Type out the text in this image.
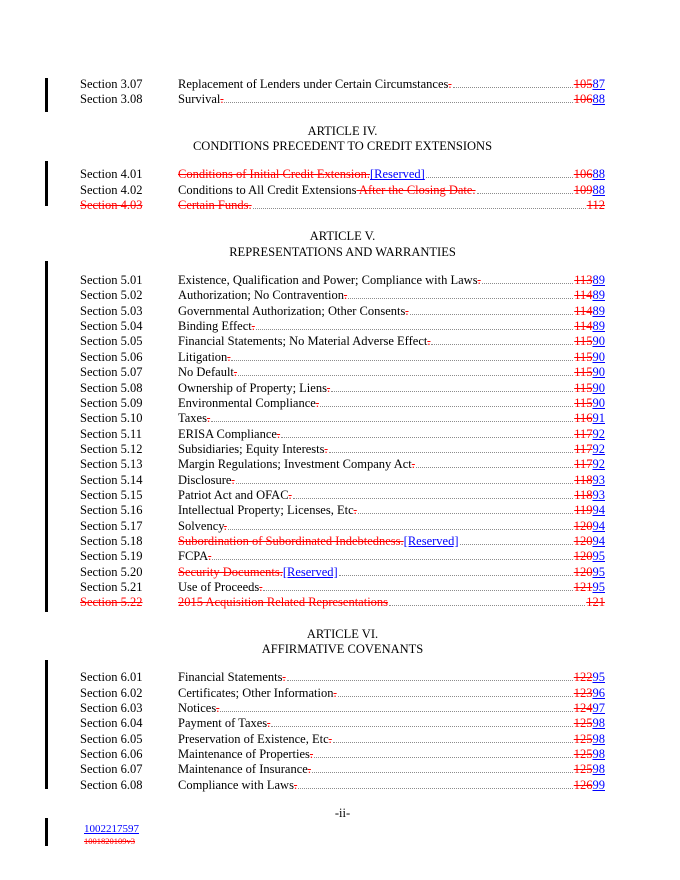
Section 3.07	Replacement of Lenders under Certain Circumstances.	10587
Section 3.08	Survival.	10688
ARTICLE IV.
CONDITIONS PRECEDENT TO CREDIT EXTENSIONS
Section 4.01	Conditions of Initial Credit Extension.[Reserved]	10688
Section 4.02	Conditions to All Credit Extensions After the Closing Date.	10988
Section 4.03	Certain Funds.	112
ARTICLE V.
REPRESENTATIONS AND WARRANTIES
Section 5.01	Existence, Qualification and Power; Compliance with Laws.	11389
Section 5.02	Authorization; No Contravention.	11489
Section 5.03	Governmental Authorization; Other Consents.	11489
Section 5.04	Binding Effect.	11489
Section 5.05	Financial Statements; No Material Adverse Effect.	11590
Section 5.06	Litigation.	11590
Section 5.07	No Default.	11590
Section 5.08	Ownership of Property; Liens.	11590
Section 5.09	Environmental Compliance.	11590
Section 5.10	Taxes.	11691
Section 5.11	ERISA Compliance.	11792
Section 5.12	Subsidiaries; Equity Interests.	11792
Section 5.13	Margin Regulations; Investment Company Act.	11792
Section 5.14	Disclosure.	11893
Section 5.15	Patriot Act and OFAC.	11893
Section 5.16	Intellectual Property; Licenses, Etc.	11994
Section 5.17	Solvency.	12094
Section 5.18	Subordination of Subordinated Indebtedness.[Reserved]	12094
Section 5.19	FCPA.	12095
Section 5.20	Security Documents.[Reserved]	12095
Section 5.21	Use of Proceeds.	12195
Section 5.22	2015 Acquisition Related Representations	121
ARTICLE VI.
AFFIRMATIVE COVENANTS
Section 6.01	Financial Statements.	12295
Section 6.02	Certificates; Other Information.	12396
Section 6.03	Notices.	12497
Section 6.04	Payment of Taxes.	12598
Section 6.05	Preservation of Existence, Etc.	12598
Section 6.06	Maintenance of Properties.	12598
Section 6.07	Maintenance of Insurance.	12598
Section 6.08	Compliance with Laws.	12699
-ii-
1002217597
1001820109v3
